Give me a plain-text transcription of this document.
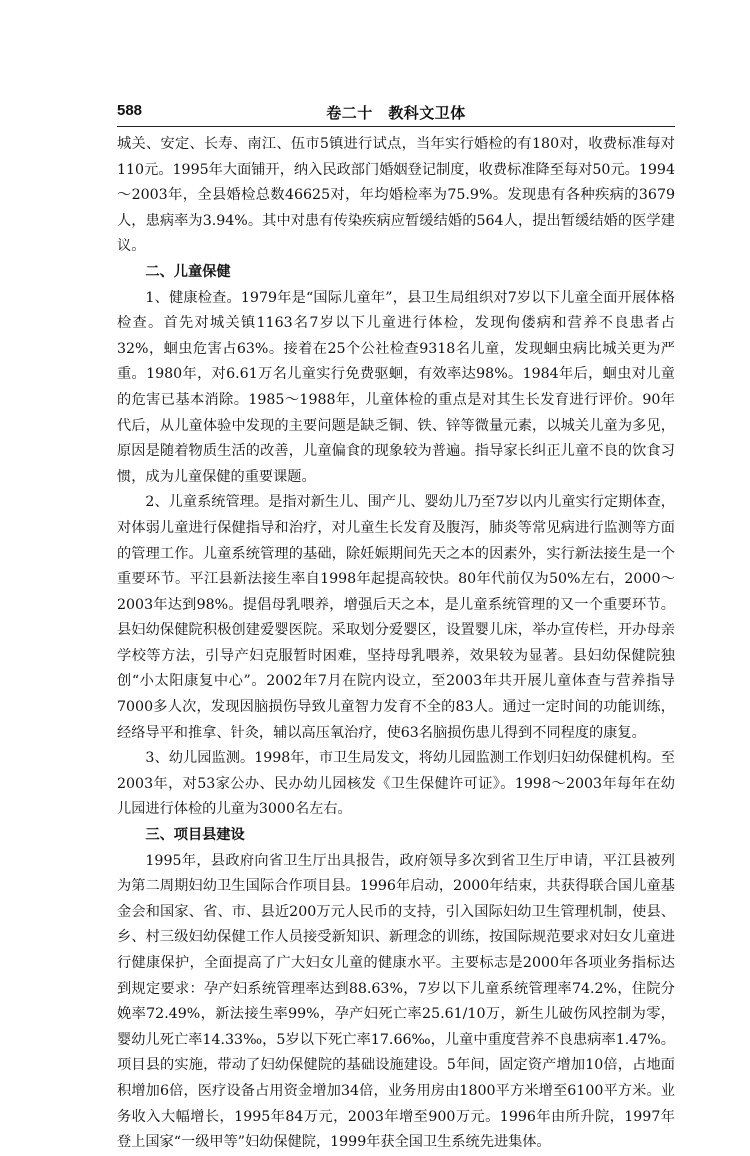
588	卷二十　教科文卫体

城关、安定、长寿、南江、伍市5镇进行试点，当年实行婚检的有180对，收费标准每对110元。1995年大面铺开，纳入民政部门婚姻登记制度，收费标准降至每对50元。1994～2003年，全县婚检总数46625对，年均婚检率为75.9%。发现患有各种疾病的3679人，患病率为3.94%。其中对患有传染疾病应暂缓结婚的564人，提出暂缓结婚的医学建议。

二、儿童保健

1、健康检查。1979年是“国际儿童年”，县卫生局组织对7岁以下儿童全面开展体格检查。首先对城关镇1163名7岁以下儿童进行体检，发现佝偻病和营养不良患者占32%，蛔虫危害占63%。接着在25个公社检查9318名儿童，发现蛔虫病比城关更为严重。1980年，对6.61万名儿童实行免费驱蛔，有效率达98%。1984年后，蛔虫对儿童的危害已基本消除。1985～1988年，儿童体检的重点是对其生长发育进行评价。90年代后，从儿童体验中发现的主要问题是缺乏铜、铁、锌等微量元素，以城关儿童为多见，原因是随着物质生活的改善，儿童偏食的现象较为普遍。指导家长纠正儿童不良的饮食习惯，成为儿童保健的重要课题。

2、儿童系统管理。是指对新生儿、围产儿、婴幼儿乃至7岁以内儿童实行定期体查，对体弱儿童进行保健指导和治疗，对儿童生长发育及腹泻，肺炎等常见病进行监测等方面的管理工作。儿童系统管理的基础，除妊娠期间先天之本的因素外，实行新法接生是一个重要环节。平江县新法接生率自1998年起提高较快。80年代前仅为50%左右，2000～2003年达到98%。提倡母乳喂养，增强后天之本，是儿童系统管理的又一个重要环节。县妇幼保健院积极创建爱婴医院。采取划分爱婴区，设置婴儿床，举办宣传栏，开办母亲学校等方法，引导产妇克服暂时困难，坚持母乳喂养，效果较为显著。县妇幼保健院独创“小太阳康复中心”。2002年7月在院内设立，至2003年共开展儿童体查与营养指导7000多人次，发现因脑损伤导致儿童智力发育不全的83人。通过一定时间的功能训练，经络导平和推拿、针灸，辅以高压氧治疗，使63名脑损伤患儿得到不同程度的康复。

3、幼儿园监测。1998年，市卫生局发文，将幼儿园监测工作划归妇幼保健机构。至2003年，对53家公办、民办幼儿园核发《卫生保健许可证》。1998～2003年每年在幼儿园进行体检的儿童为3000名左右。

三、项目县建设

1995年，县政府向省卫生厅出具报告，政府领导多次到省卫生厅申请，平江县被列为第二周期妇幼卫生国际合作项目县。1996年启动，2000年结束，共获得联合国儿童基金会和国家、省、市、县近200万元人民币的支持，引入国际妇幼卫生管理机制，使县、乡、村三级妇幼保健工作人员接受新知识、新理念的训练，按国际规范要求对妇女儿童进行健康保护，全面提高了广大妇女儿童的健康水平。主要标志是2000年各项业务指标达到规定要求：孕产妇系统管理率达到88.63%，7岁以下儿童系统管理率74.2%，住院分娩率72.49%，新法接生率99%，孕产妇死亡率25.61/10万，新生儿破伤风控制为零，婴幼儿死亡率14.33‰，5岁以下死亡率17.66‰，儿童中重度营养不良患病率1.47%。项目县的实施，带动了妇幼保健院的基础设施建设。5年间，固定资产增加10倍，占地面积增加6倍，医疗设备占用资金增加34倍，业务用房由1800平方米增至6100平方米。业务收入大幅增长，1995年84万元，2003年增至900万元。1996年由所升院，1997年登上国家“一级甲等”妇幼保健院，1999年获全国卫生系统先进集体。
